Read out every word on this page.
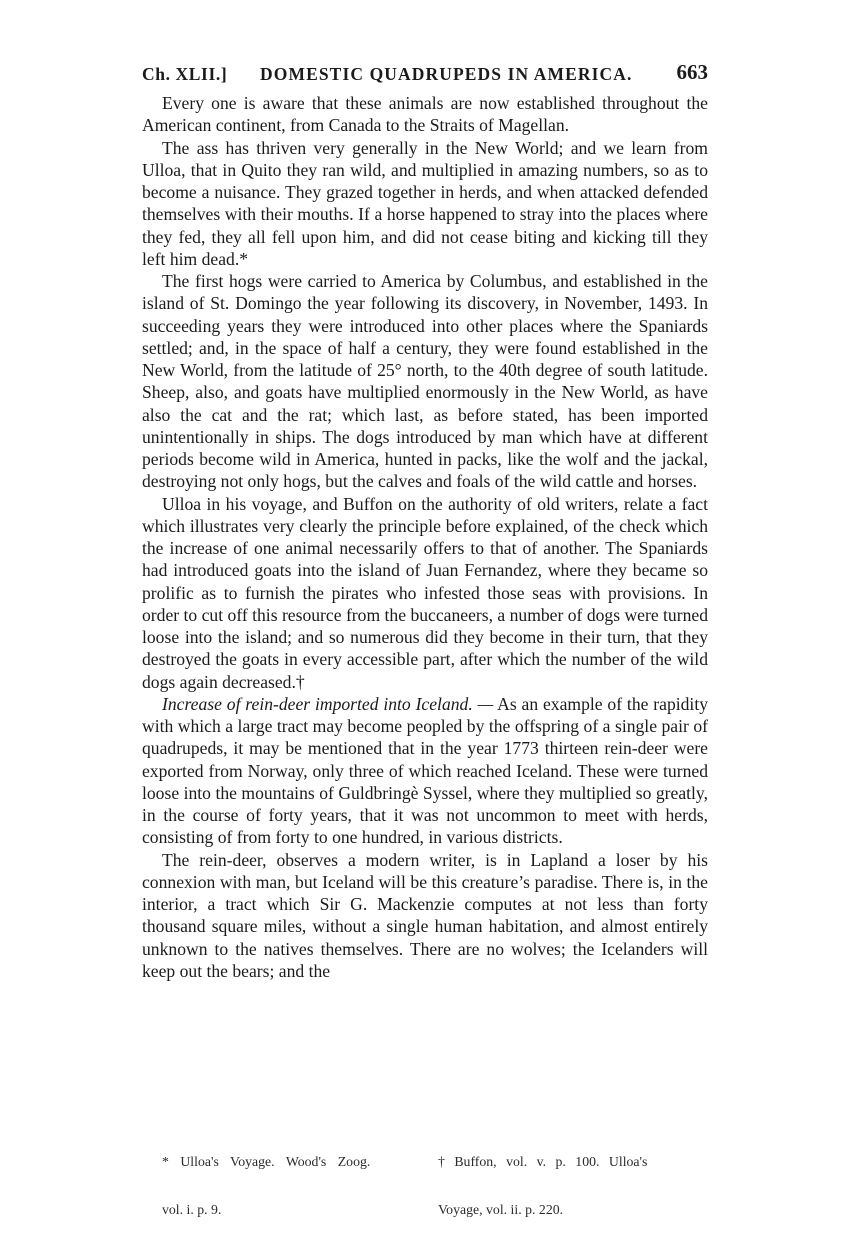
Ch. XLII.] DOMESTIC QUADRUPEDS IN AMERICA. 663

Every one is aware that these animals are now established throughout the American continent, from Canada to the Straits of Magellan.

The ass has thriven very generally in the New World; and we learn from Ulloa, that in Quito they ran wild, and multiplied in amazing numbers, so as to become a nuisance. They grazed together in herds, and when attacked defended themselves with their mouths. If a horse happened to stray into the places where they fed, they all fell upon him, and did not cease biting and kicking till they left him dead.*

The first hogs were carried to America by Columbus, and established in the island of St. Domingo the year following its discovery, in November, 1493. In succeeding years they were introduced into other places where the Spaniards settled; and, in the space of half a century, they were found established in the New World, from the latitude of 25° north, to the 40th degree of south latitude. Sheep, also, and goats have multiplied enormously in the New World, as have also the cat and the rat; which last, as before stated, has been imported unintentionally in ships. The dogs introduced by man which have at different periods become wild in America, hunted in packs, like the wolf and the jackal, destroying not only hogs, but the calves and foals of the wild cattle and horses.

Ulloa in his voyage, and Buffon on the authority of old writers, relate a fact which illustrates very clearly the principle before explained, of the check which the increase of one animal necessarily offers to that of another. The Spaniards had introduced goats into the island of Juan Fernandez, where they became so prolific as to furnish the pirates who infested those seas with provisions. In order to cut off this resource from the buccaneers, a number of dogs were turned loose into the island; and so numerous did they become in their turn, that they destroyed the goats in every accessible part, after which the number of the wild dogs again decreased.†

Increase of rein-deer imported into Iceland. — As an example of the rapidity with which a large tract may become peopled by the offspring of a single pair of quadrupeds, it may be mentioned that in the year 1773 thirteen rein-deer were exported from Norway, only three of which reached Iceland. These were turned loose into the mountains of Guldbringè Syssel, where they multiplied so greatly, in the course of forty years, that it was not uncommon to meet with herds, consisting of from forty to one hundred, in various districts.

The rein-deer, observes a modern writer, is in Lapland a loser by his connexion with man, but Iceland will be this creature’s paradise. There is, in the interior, a tract which Sir G. Mackenzie computes at not less than forty thousand square miles, without a single human habitation, and almost entirely unknown to the natives themselves. There are no wolves; the Icelanders will keep out the bears; and the

* Ulloa's Voyage. Wood's Zoog.

vol. i. p. 9.

† Buffon, vol. v. p. 100. Ulloa's

Voyage, vol. ii. p. 220.
